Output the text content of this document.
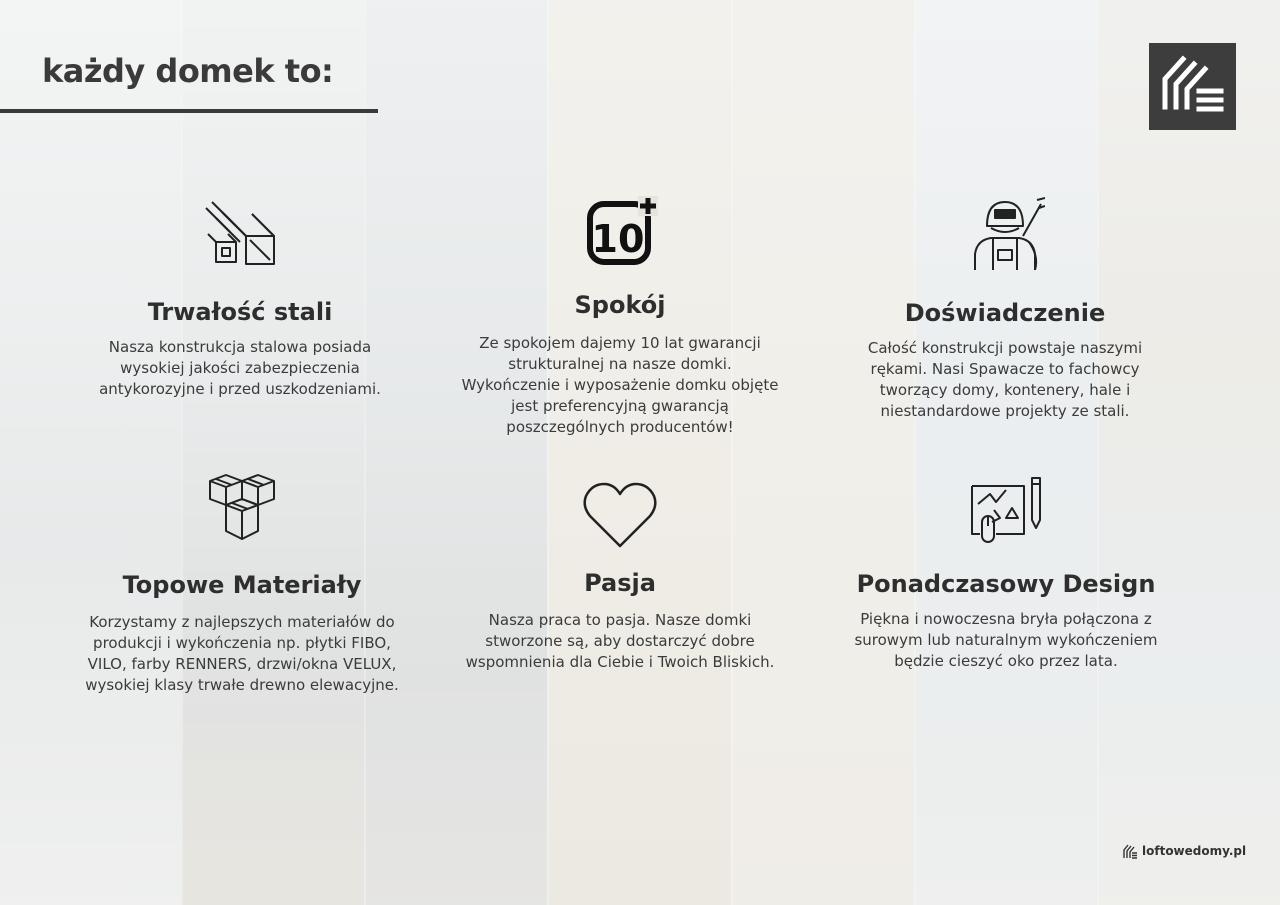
każdy domek to:
Trwałość stali

Nasza konstrukcja stalowa posiada
wysokiej jakości zabezpieczenia
antykorozyjne i przed uszkodzeniami.

10
Spokój

Ze spokojem dajemy 10 lat gwarancji
strukturalnej na nasze domki.
Wykończenie i wyposażenie domku objęte
jest preferencyjną gwarancją
poszczególnych producentów!

Doświadczenie

Całość konstrukcji powstaje naszymi
rękami. Nasi Spawacze to fachowcy
tworzący domy, kontenery, hale i
niestandardowe projekty ze stali.

Topowe Materiały

Korzystamy z najlepszych materiałów do
produkcji i wykończenia np. płytki FIBO,
VILO, farby RENNERS, drzwi/okna VELUX,
wysokiej klasy trwałe drewno elewacyjne.

Pasja

Nasza praca to pasja. Nasze domki
stworzone są, aby dostarczyć dobre
wspomnienia dla Ciebie i Twoich Bliskich.

Ponadczasowy Design

Piękna i nowoczesna bryła połączona z
surowym lub naturalnym wykończeniem
będzie cieszyć oko przez lata.

loftowedomy.pl
